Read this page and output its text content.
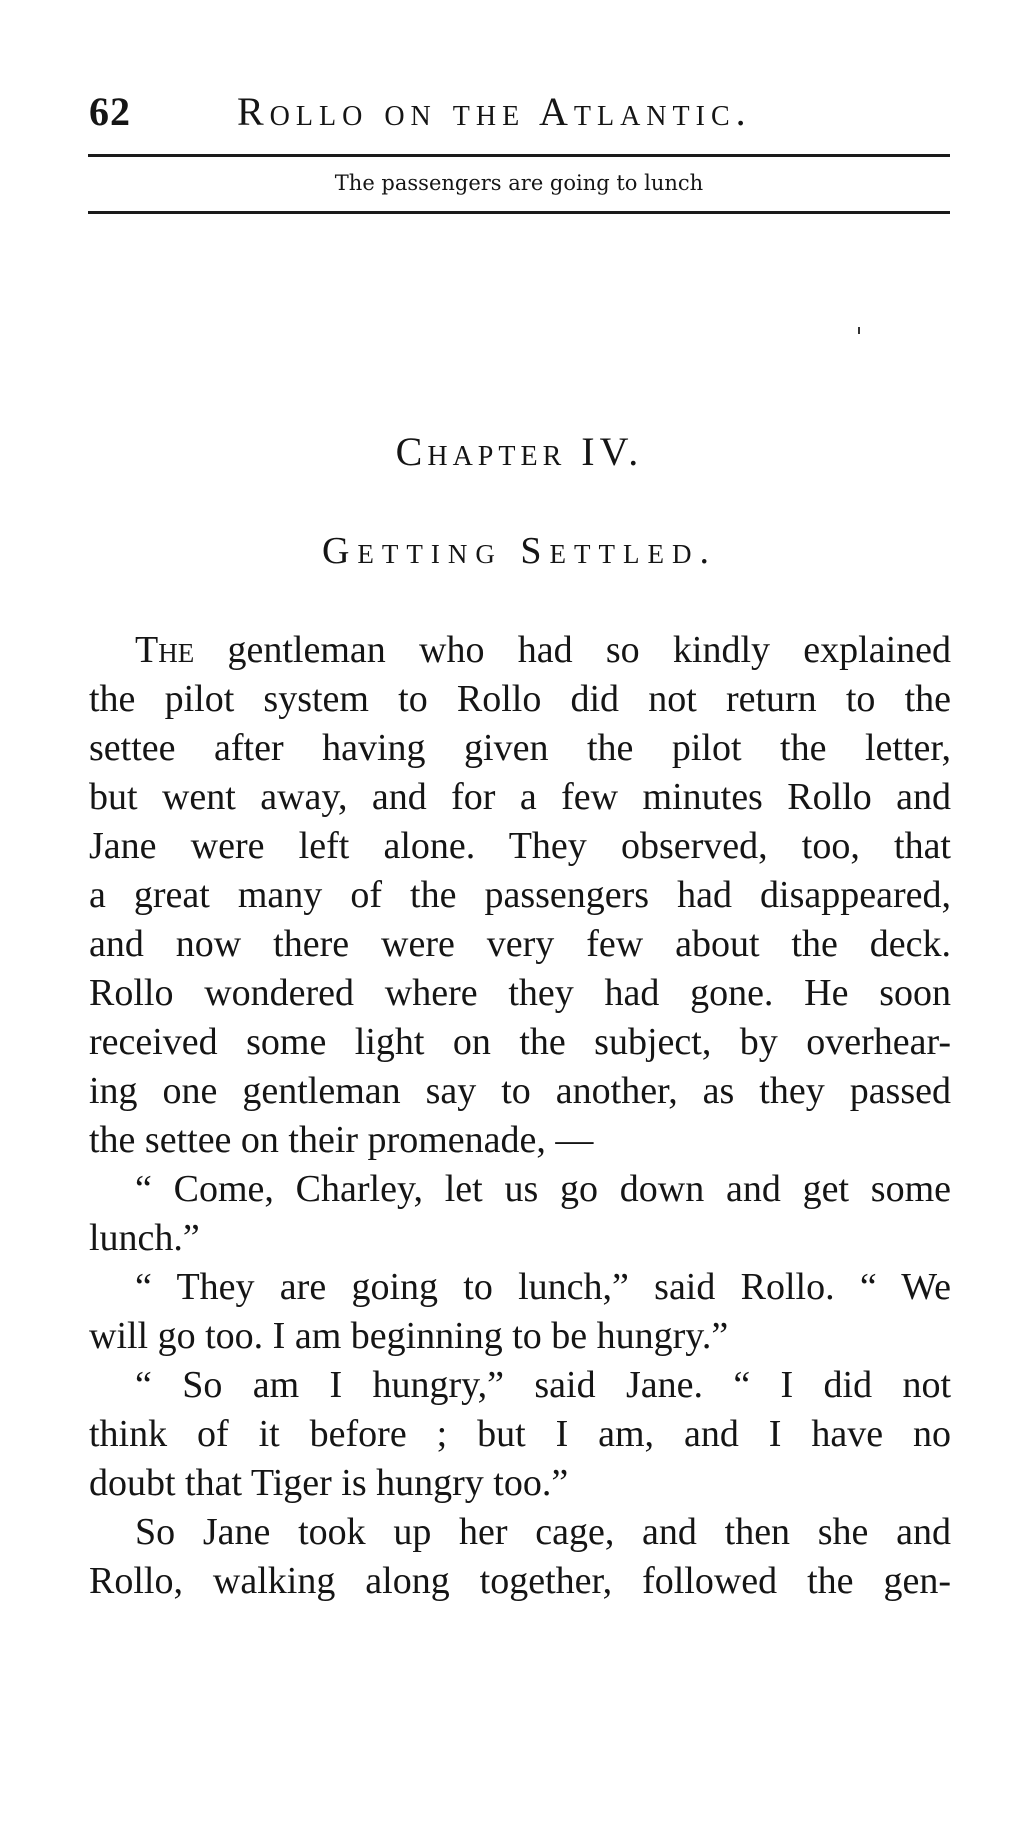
62	Rollo on the Atlantic.
The passengers are going to lunch
Chapter IV.
Getting Settled.
The gentleman who had so kindly explained
the pilot system to Rollo did not return to the
settee after having given the pilot the letter,
but went away, and for a few minutes Rollo and
Jane were left alone. They observed, too, that
a great many of the passengers had disappeared,
and now there were very few about the deck.
Rollo wondered where they had gone. He soon
received some light on the subject, by overhear-
ing one gentleman say to another, as they passed
the settee on their promenade, —
“ Come, Charley, let us go down and get some
lunch.”
“ They are going to lunch,” said Rollo. “ We
will go too. I am beginning to be hungry.”
“ So am I hungry,” said Jane. “ I did not
think of it before ; but I am, and I have no
doubt that Tiger is hungry too.”
So Jane took up her cage, and then she and
Rollo, walking along together, followed the gen-
